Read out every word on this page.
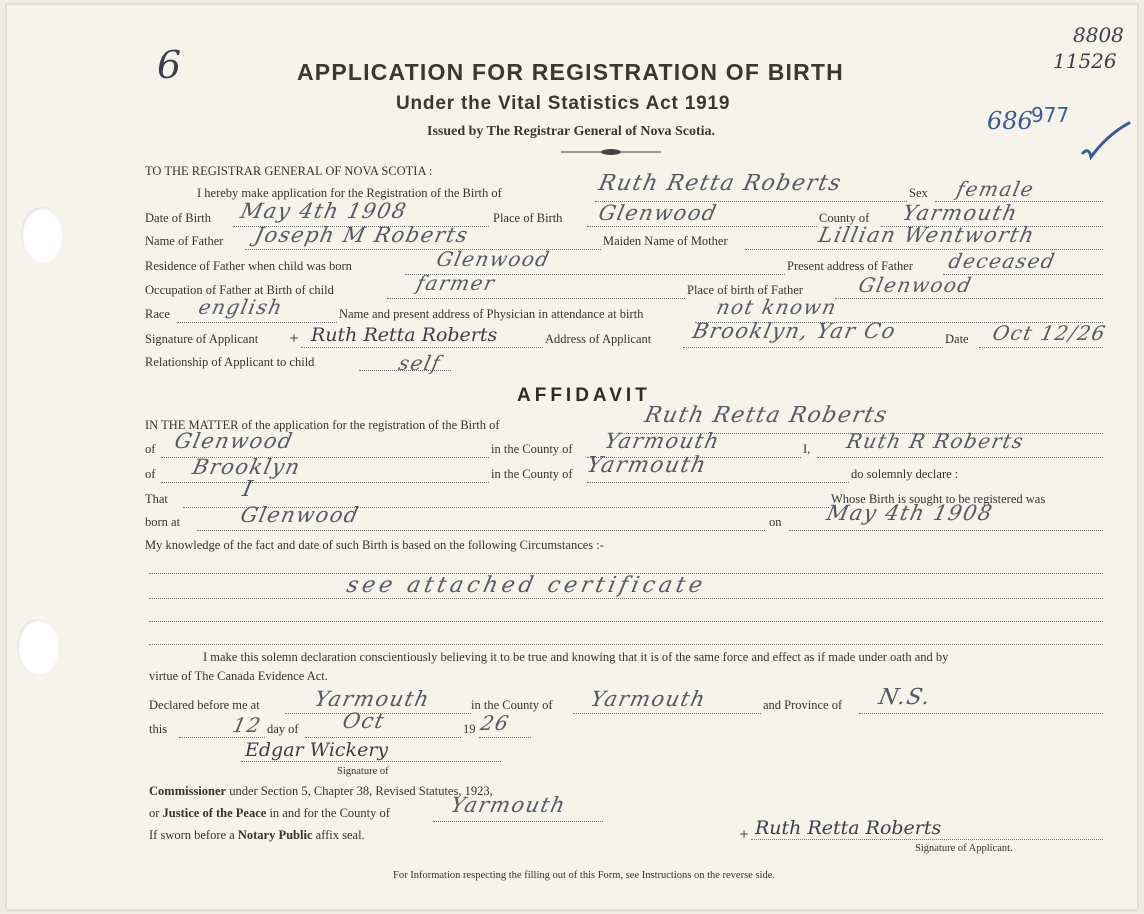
6
8808
11526
686
977
APPLICATION FOR REGISTRATION OF BIRTH
Under the Vital Statistics Act 1919
Issued by The Registrar General of Nova Scotia.
TO THE REGISTRAR GENERAL OF NOVA SCOTIA :
I hereby make application for the Registration of the Birth of	Ruth Retta Roberts	Sex female
Date of Birth May 4th 1908	Place of Birth Glenwood	County of Yarmouth
Name of Father Joseph M Roberts	Maiden Name of Mother	Lillian Wentworth
Residence of Father when child was born	Glenwood	Present address of Father deceased
Occupation of Father at Birth of child	farmer	Place of birth of Father	Glenwood
Race english	Name and present address of Physician in attendance at birth	not known
Signature of Applicant	+ Ruth Retta Roberts	Address of Applicant Brooklyn, Yar Co	Date Oct 12/26
Relationship of Applicant to child	self
AFFIDAVIT
IN THE MATTER of the application for the registration of the Birth of	Ruth Retta Roberts
of Glenwood	in the County of Yarmouth	I, Ruth R Roberts
of Brooklyn	in the County of Yarmouth	do solemnly declare :
That	I	Whose Birth is sought to be registered was
born at	Glenwood	on May 4th 1908
My knowledge of the fact and date of such Birth is based on the following Circumstances :-
see attached certificate
I make this solemn declaration conscientiously believing it to be true and knowing that it is of the same force and effect as if made under oath and by
virtue of The Canada Evidence Act.
Declared before me at	Yarmouth	in the County of Yarmouth	and Province of N.S.
this	12 day of Oct	19 26
Edgar Wickery
Signature of
Commissioner under Section 5, Chapter 38, Revised Statutes, 1923,
or Justice of the Peace in and for the County of	Yarmouth
If sworn before a Notary Public affix seal.	+ Ruth Retta Roberts
Signature of Applicant.
For Information respecting the filling out of this Form, see Instructions on the reverse side.
